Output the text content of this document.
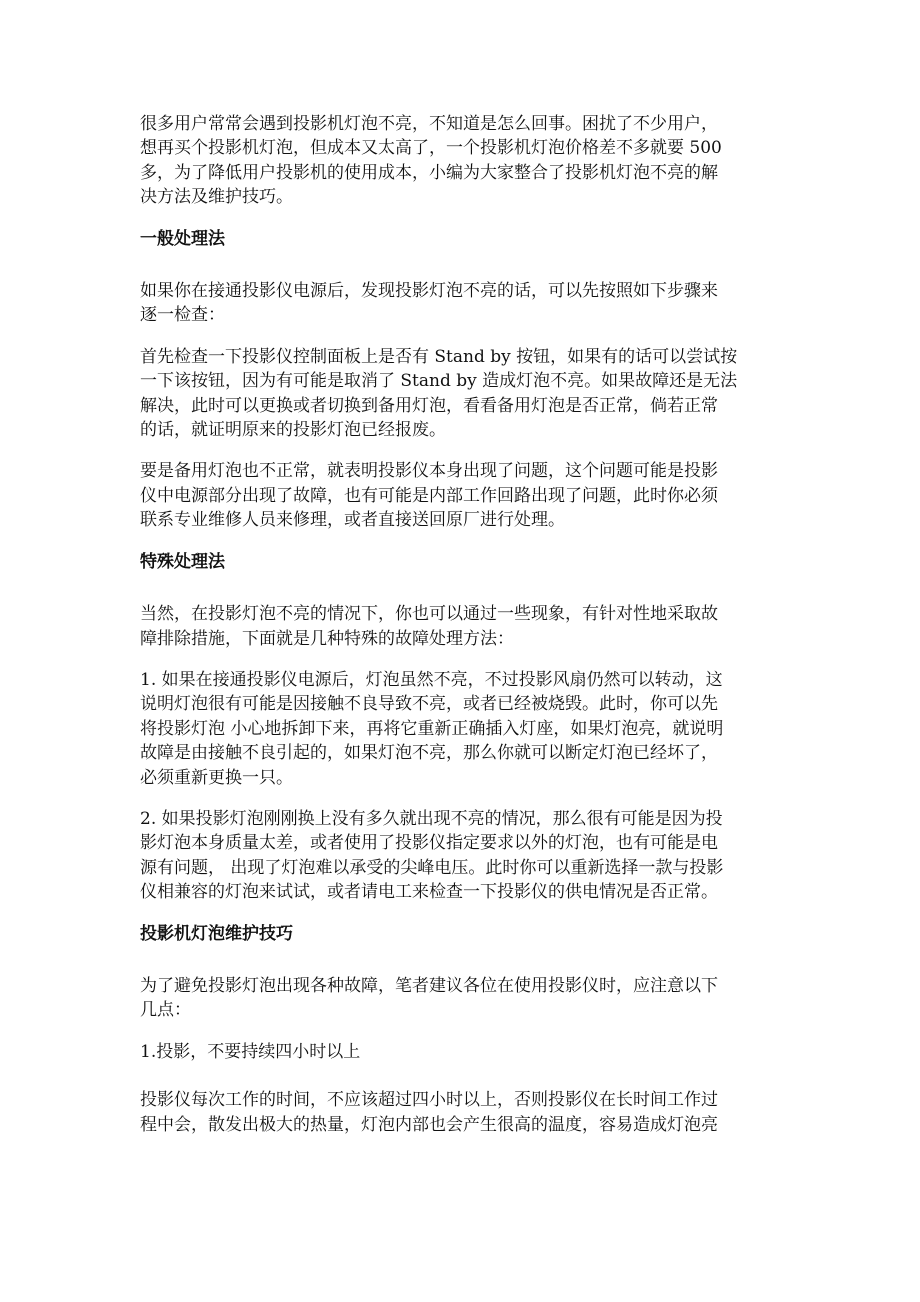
很多用户常常会遇到投影机灯泡不亮，不知道是怎么回事。困扰了不少用户，
想再买个投影机灯泡，但成本又太高了，一个投影机灯泡价格差不多就要 500
多，为了降低用户投影机的使用成本，小编为大家整合了投影机灯泡不亮的解
决方法及维护技巧。

一般处理法

如果你在接通投影仪电源后，发现投影灯泡不亮的话，可以先按照如下步骤来
逐一检查：

首先检查一下投影仪控制面板上是否有 Stand by 按钮，如果有的话可以尝试按
一下该按钮，因为有可能是取消了 Stand by 造成灯泡不亮。如果故障还是无法
解决，此时可以更换或者切换到备用灯泡，看看备用灯泡是否正常，倘若正常
的话，就证明原来的投影灯泡已经报废。

要是备用灯泡也不正常，就表明投影仪本身出现了问题，这个问题可能是投影
仪中电源部分出现了故障，也有可能是内部工作回路出现了问题，此时你必须
联系专业维修人员来修理，或者直接送回原厂进行处理。

特殊处理法

当然，在投影灯泡不亮的情况下，你也可以通过一些现象，有针对性地采取故
障排除措施，下面就是几种特殊的故障处理方法：

1. 如果在接通投影仪电源后，灯泡虽然不亮，不过投影风扇仍然可以转动，这
说明灯泡很有可能是因接触不良导致不亮，或者已经被烧毁。此时，你可以先
将投影灯泡 小心地拆卸下来，再将它重新正确插入灯座，如果灯泡亮，就说明
故障是由接触不良引起的，如果灯泡不亮，那么你就可以断定灯泡已经坏了，
必须重新更换一只。

2. 如果投影灯泡刚刚换上没有多久就出现不亮的情况，那么很有可能是因为投
影灯泡本身质量太差，或者使用了投影仪指定要求以外的灯泡，也有可能是电
源有问题， 出现了灯泡难以承受的尖峰电压。此时你可以重新选择一款与投影
仪相兼容的灯泡来试试，或者请电工来检查一下投影仪的供电情况是否正常。

投影机灯泡维护技巧

为了避免投影灯泡出现各种故障，笔者建议各位在使用投影仪时，应注意以下
几点：

1.投影，不要持续四小时以上

投影仪每次工作的时间，不应该超过四小时以上，否则投影仪在长时间工作过
程中会，散发出极大的热量，灯泡内部也会产生很高的温度，容易造成灯泡亮
